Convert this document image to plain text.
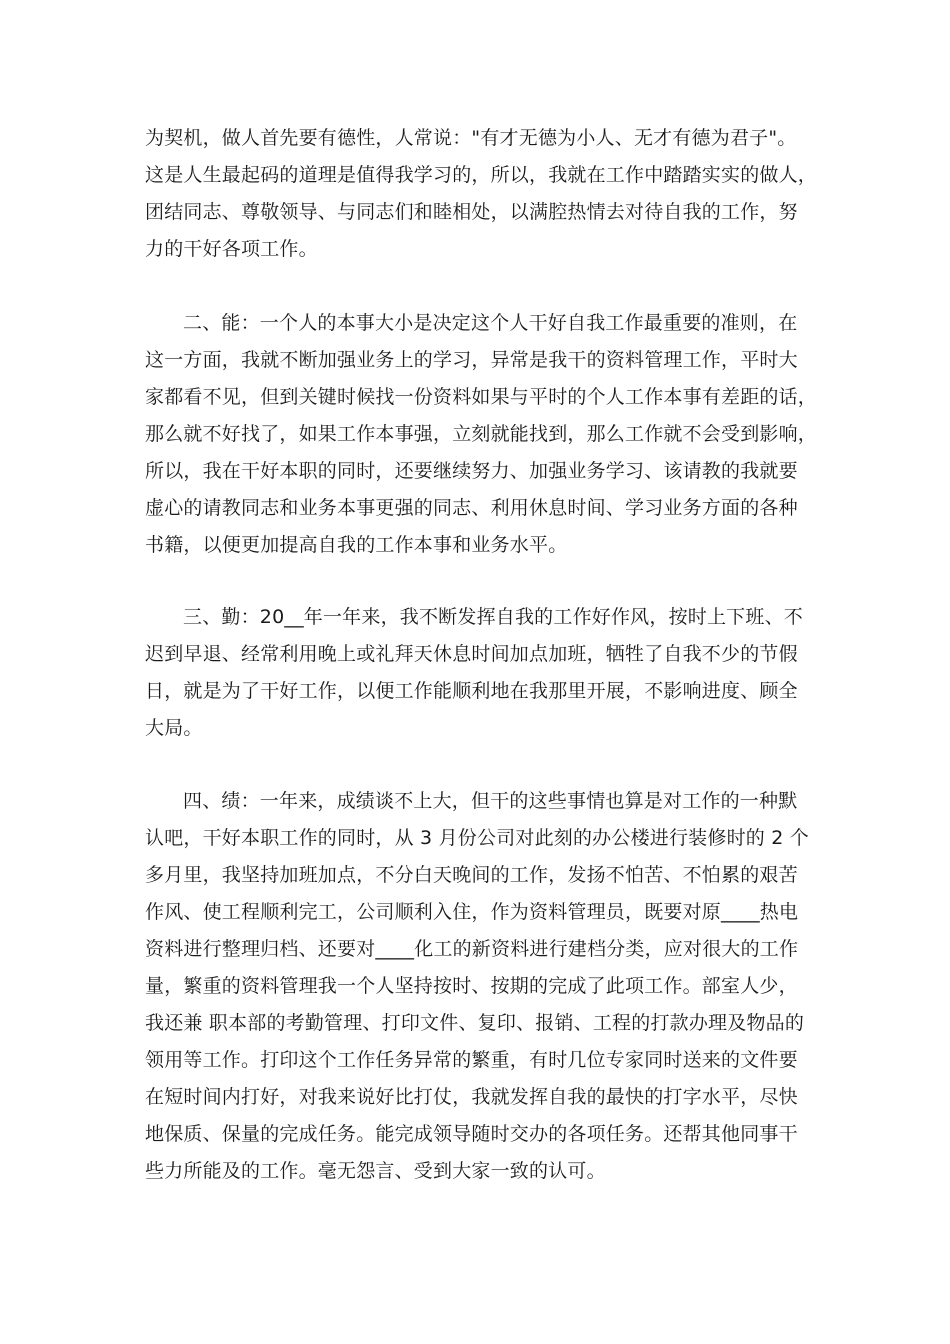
为契机，做人首先要有德性，人常说："有才无德为小人、无才有德为君子"。
这是人生最起码的道理是值得我学习的，所以，我就在工作中踏踏实实的做人，
团结同志、尊敬领导、与同志们和睦相处，以满腔热情去对待自我的工作，努
力的干好各项工作。
二、能：一个人的本事大小是决定这个人干好自我工作最重要的准则，在
这一方面，我就不断加强业务上的学习，异常是我干的资料管理工作，平时大
家都看不见，但到关键时候找一份资料如果与平时的个人工作本事有差距的话，
那么就不好找了，如果工作本事强，立刻就能找到，那么工作就不会受到影响，
所以，我在干好本职的同时，还要继续努力、加强业务学习、该请教的我就要
虚心的请教同志和业务本事更强的同志、利用休息时间、学习业务方面的各种
书籍，以便更加提高自我的工作本事和业务水平。
三、勤：20__年一年来，我不断发挥自我的工作好作风，按时上下班、不
迟到早退、经常利用晚上或礼拜天休息时间加点加班，牺牲了自我不少的节假
日，就是为了干好工作，以便工作能顺利地在我那里开展，不影响进度、顾全
大局。
四、绩：一年来，成绩谈不上大，但干的这些事情也算是对工作的一种默
认吧，干好本职工作的同时，从 3 月份公司对此刻的办公楼进行装修时的 2 个
多月里，我坚持加班加点，不分白天晚间的工作，发扬不怕苦、不怕累的艰苦
作风、使工程顺利完工，公司顺利入住，作为资料管理员，既要对原____热电
资料进行整理归档、还要对____化工的新资料进行建档分类，应对很大的工作
量，繁重的资料管理我一个人坚持按时、按期的完成了此项工作。部室人少，
我还兼 职本部的考勤管理、打印文件、复印、报销、工程的打款办理及物品的
领用等工作。打印这个工作任务异常的繁重，有时几位专家同时送来的文件要
在短时间内打好，对我来说好比打仗，我就发挥自我的最快的打字水平，尽快
地保质、保量的完成任务。能完成领导随时交办的各项任务。还帮其他同事干
些力所能及的工作。毫无怨言、受到大家一致的认可。
